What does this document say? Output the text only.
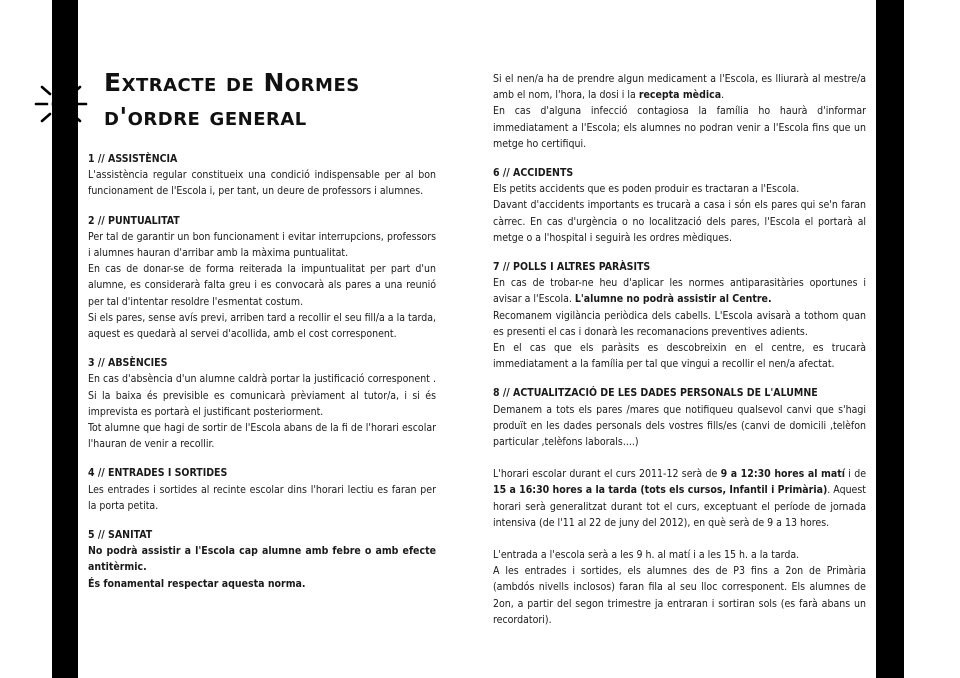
Extracte de Normes
d'ordre general
1 // ASSISTÈNCIA

L'assistència regular constitueix una condició indispensable per al bon funcionament de l'Escola i, per tant, un deure de professors i alumnes.

2 // PUNTUALITAT

Per tal de garantir un bon funcionament i evitar interrupcions, professors i alumnes hauran d'arribar amb la màxima puntualitat.

En cas de donar-se de forma reiterada la impuntualitat per part d'un alumne, es considerarà falta greu i es convocarà als pares a una reunió per tal d'intentar resoldre l'esmentat costum.

Si els pares, sense avís previ, arriben tard a recollir el seu fill/a a la tarda, aquest es quedarà al servei d'acollida, amb el cost corresponent.

3 // ABSÈNCIES

En cas d'absència d'un alumne caldrà portar la justificació corresponent . Si la baixa és previsible es comunicarà prèviament al tutor/a, i si és imprevista es portarà el justificant posteriorment.

Tot alumne que hagi de sortir de l'Escola abans de la fi de l'horari escolar l'hauran de venir a recollir.

4 // ENTRADES I SORTIDES

Les entrades i sortides al recinte escolar dins l'horari lectiu es faran per la porta petita.

5 // SANITAT

No podrà assistir a l'Escola cap alumne amb febre o amb efecte antitèrmic.

És fonamental respectar aquesta norma.

Si el nen/a ha de prendre algun medicament a l'Escola, es lliurarà al mestre/a amb el nom, l'hora, la dosi i la recepta mèdica.

En cas d'alguna infecció contagiosa la família ho haurà d'informar immediatament a l'Escola; els alumnes no podran venir a l'Escola fins que un metge ho certifiqui.

6 // ACCIDENTS

Els petits accidents que es poden produir es tractaran a l'Escola.

Davant d'accidents importants es trucarà a casa i són els pares qui se'n faran càrrec. En cas d'urgència o no localització dels pares, l'Escola el portarà al metge o a l'hospital i seguirà les ordres mèdiques.

7 // POLLS I ALTRES PARÀSITS

En cas de trobar-ne heu d'aplicar les normes antiparasitàries oportunes i avisar a l'Escola. L'alumne no podrà assistir al Centre.

Recomanem vigilància periòdica dels cabells. L'Escola avisarà a tothom quan es presenti el cas i donarà les recomanacions preventives adients.

En el cas que els paràsits es descobreixin en el centre, es trucarà immediatament a la família per tal que vingui a recollir el nen/a afectat.

8 // ACTUALITZACIÓ DE LES DADES PERSONALS DE L'ALUMNE

Demanem a tots els pares /mares que notifiqueu qualsevol canvi que s'hagi produït en les dades personals dels vostres fills/es (canvi de domicili ,telèfon particular ,telèfons laborals....)

L'horari escolar durant el curs 2011-12 serà de 9 a 12:30 hores al matí i de 15 a 16:30 hores a la tarda (tots els cursos, Infantil i Primària). Aquest horari serà generalitzat durant tot el curs, exceptuant el període de jornada intensiva (de l'11 al 22 de juny del 2012), en què serà de 9 a 13 hores.

L'entrada a l'escola serà a les 9 h. al matí i a les 15 h. a la tarda.

A les entrades i sortides, els alumnes des de P3 fins a 2on de Primària (ambdós nivells inclosos) faran fila al seu lloc corresponent. Els alumnes de 2on, a partir del segon trimestre ja entraran i sortiran sols (es farà abans un recordatori).
